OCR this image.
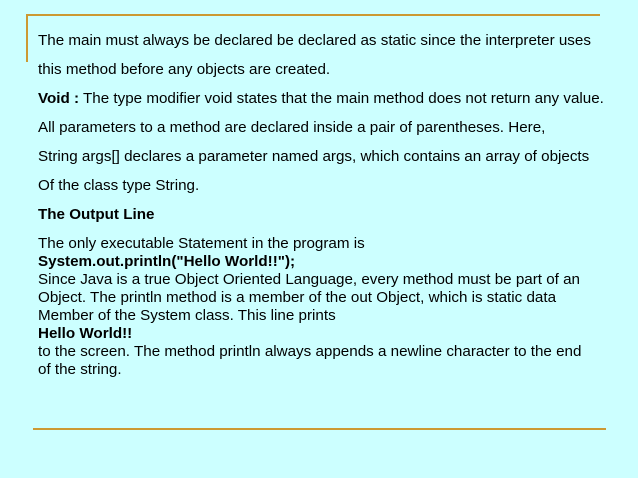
The main must always be declared be declared as static since the interpreter uses
this method before any objects are created.
Void : The type modifier void states that the main method does not return any value.
All parameters to a method are declared inside a pair of parentheses. Here,
String args[] declares a parameter named args, which contains an array of objects
Of the class type String.
The Output Line
The only executable Statement in the program is
System.out.println("Hello World!!");
Since Java is a true Object Oriented Language, every method must be part of an
Object. The println method is a member of the out Object, which is static data
Member of the System class. This line prints
Hello World!!
to the screen. The method println always appends a newline character to the end
of the string.
